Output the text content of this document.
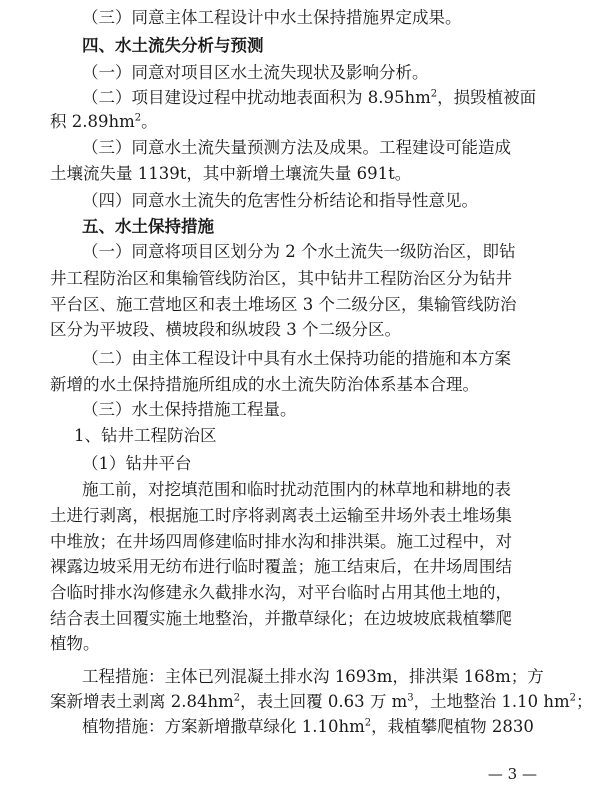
（三）同意主体工程设计中水土保持措施界定成果。
四、水土流失分析与预测
（一）同意对项目区水土流失现状及影响分析。
（二）项目建设过程中扰动地表面积为 $8.95hm^2$，损毁植被面
积 $2.89hm^2$。
（三）同意水土流失量预测方法及成果。工程建设可能造成
土壤流失量 1139t，其中新增土壤流失量 691t。
（四）同意水土流失的危害性分析结论和指导性意见。
五、水土保持措施
（一）同意将项目区划分为 2 个水土流失一级防治区，即钻
井工程防治区和集输管线防治区，其中钻井工程防治区分为钻井
平台区、施工营地区和表土堆场区 3 个二级分区，集输管线防治
区分为平坡段、横坡段和纵坡段 3 个二级分区。
（二）由主体工程设计中具有水土保持功能的措施和本方案
新增的水土保持措施所组成的水土流失防治体系基本合理。
（三）水土保持措施工程量。
1、钻井工程防治区
（1）钻井平台
施工前，对挖填范围和临时扰动范围内的林草地和耕地的表
土进行剥离，根据施工时序将剥离表土运输至井场外表土堆场集
中堆放；在井场四周修建临时排水沟和排洪渠。施工过程中，对
裸露边坡采用无纺布进行临时覆盖；施工结束后，在井场周围结
合临时排水沟修建永久截排水沟，对平台临时占用其他土地的，
结合表土回覆实施土地整治，并撒草绿化；在边坡坡底栽植攀爬
植物。
工程措施：主体已列混凝土排水沟 1693m，排洪渠 168m；方
案新增表土剥离 $2.84hm^2$，表土回覆 0.63 万 $m^3$，土地整治 1.10 $hm^2$；
植物措施：方案新增撒草绿化 $1.10hm^2$，栽植攀爬植物 2830
— 3 —
